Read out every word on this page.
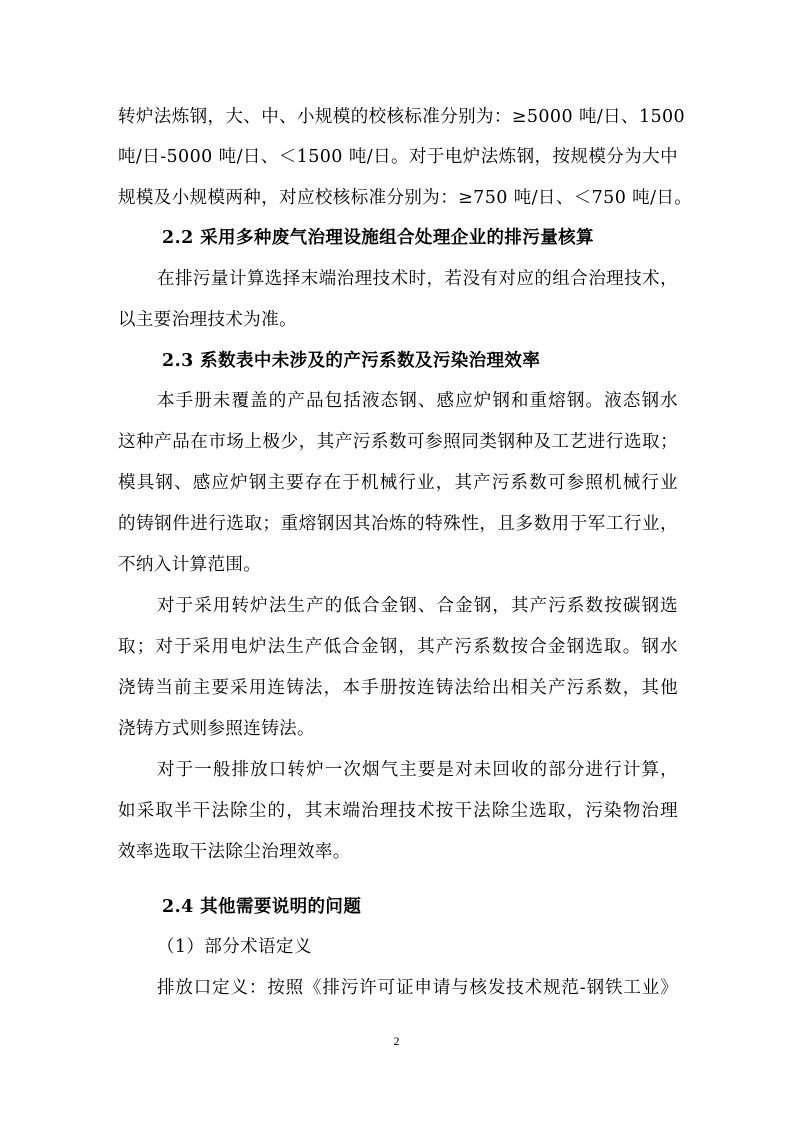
转炉法炼钢，大、中、小规模的校核标准分别为：≥5000 吨/日、1500
吨/日-5000 吨/日、＜1500 吨/日。对于电炉法炼钢，按规模分为大中
规模及小规模两种，对应校核标准分别为：≥750 吨/日、＜750 吨/日。
2.2 采用多种废气治理设施组合处理企业的排污量核算
在排污量计算选择末端治理技术时，若没有对应的组合治理技术，
以主要治理技术为准。
2.3 系数表中未涉及的产污系数及污染治理效率
本手册未覆盖的产品包括液态钢、感应炉钢和重熔钢。液态钢水
这种产品在市场上极少，其产污系数可参照同类钢种及工艺进行选取；
模具钢、感应炉钢主要存在于机械行业，其产污系数可参照机械行业
的铸钢件进行选取；重熔钢因其冶炼的特殊性，且多数用于军工行业，
不纳入计算范围。
对于采用转炉法生产的低合金钢、合金钢，其产污系数按碳钢选
取；对于采用电炉法生产低合金钢，其产污系数按合金钢选取。钢水
浇铸当前主要采用连铸法，本手册按连铸法给出相关产污系数，其他
浇铸方式则参照连铸法。
对于一般排放口转炉一次烟气主要是对未回收的部分进行计算，
如采取半干法除尘的，其末端治理技术按干法除尘选取，污染物治理
效率选取干法除尘治理效率。
2.4 其他需要说明的问题
（1）部分术语定义
排放口定义：按照《排污许可证申请与核发技术规范-钢铁工业》
2
